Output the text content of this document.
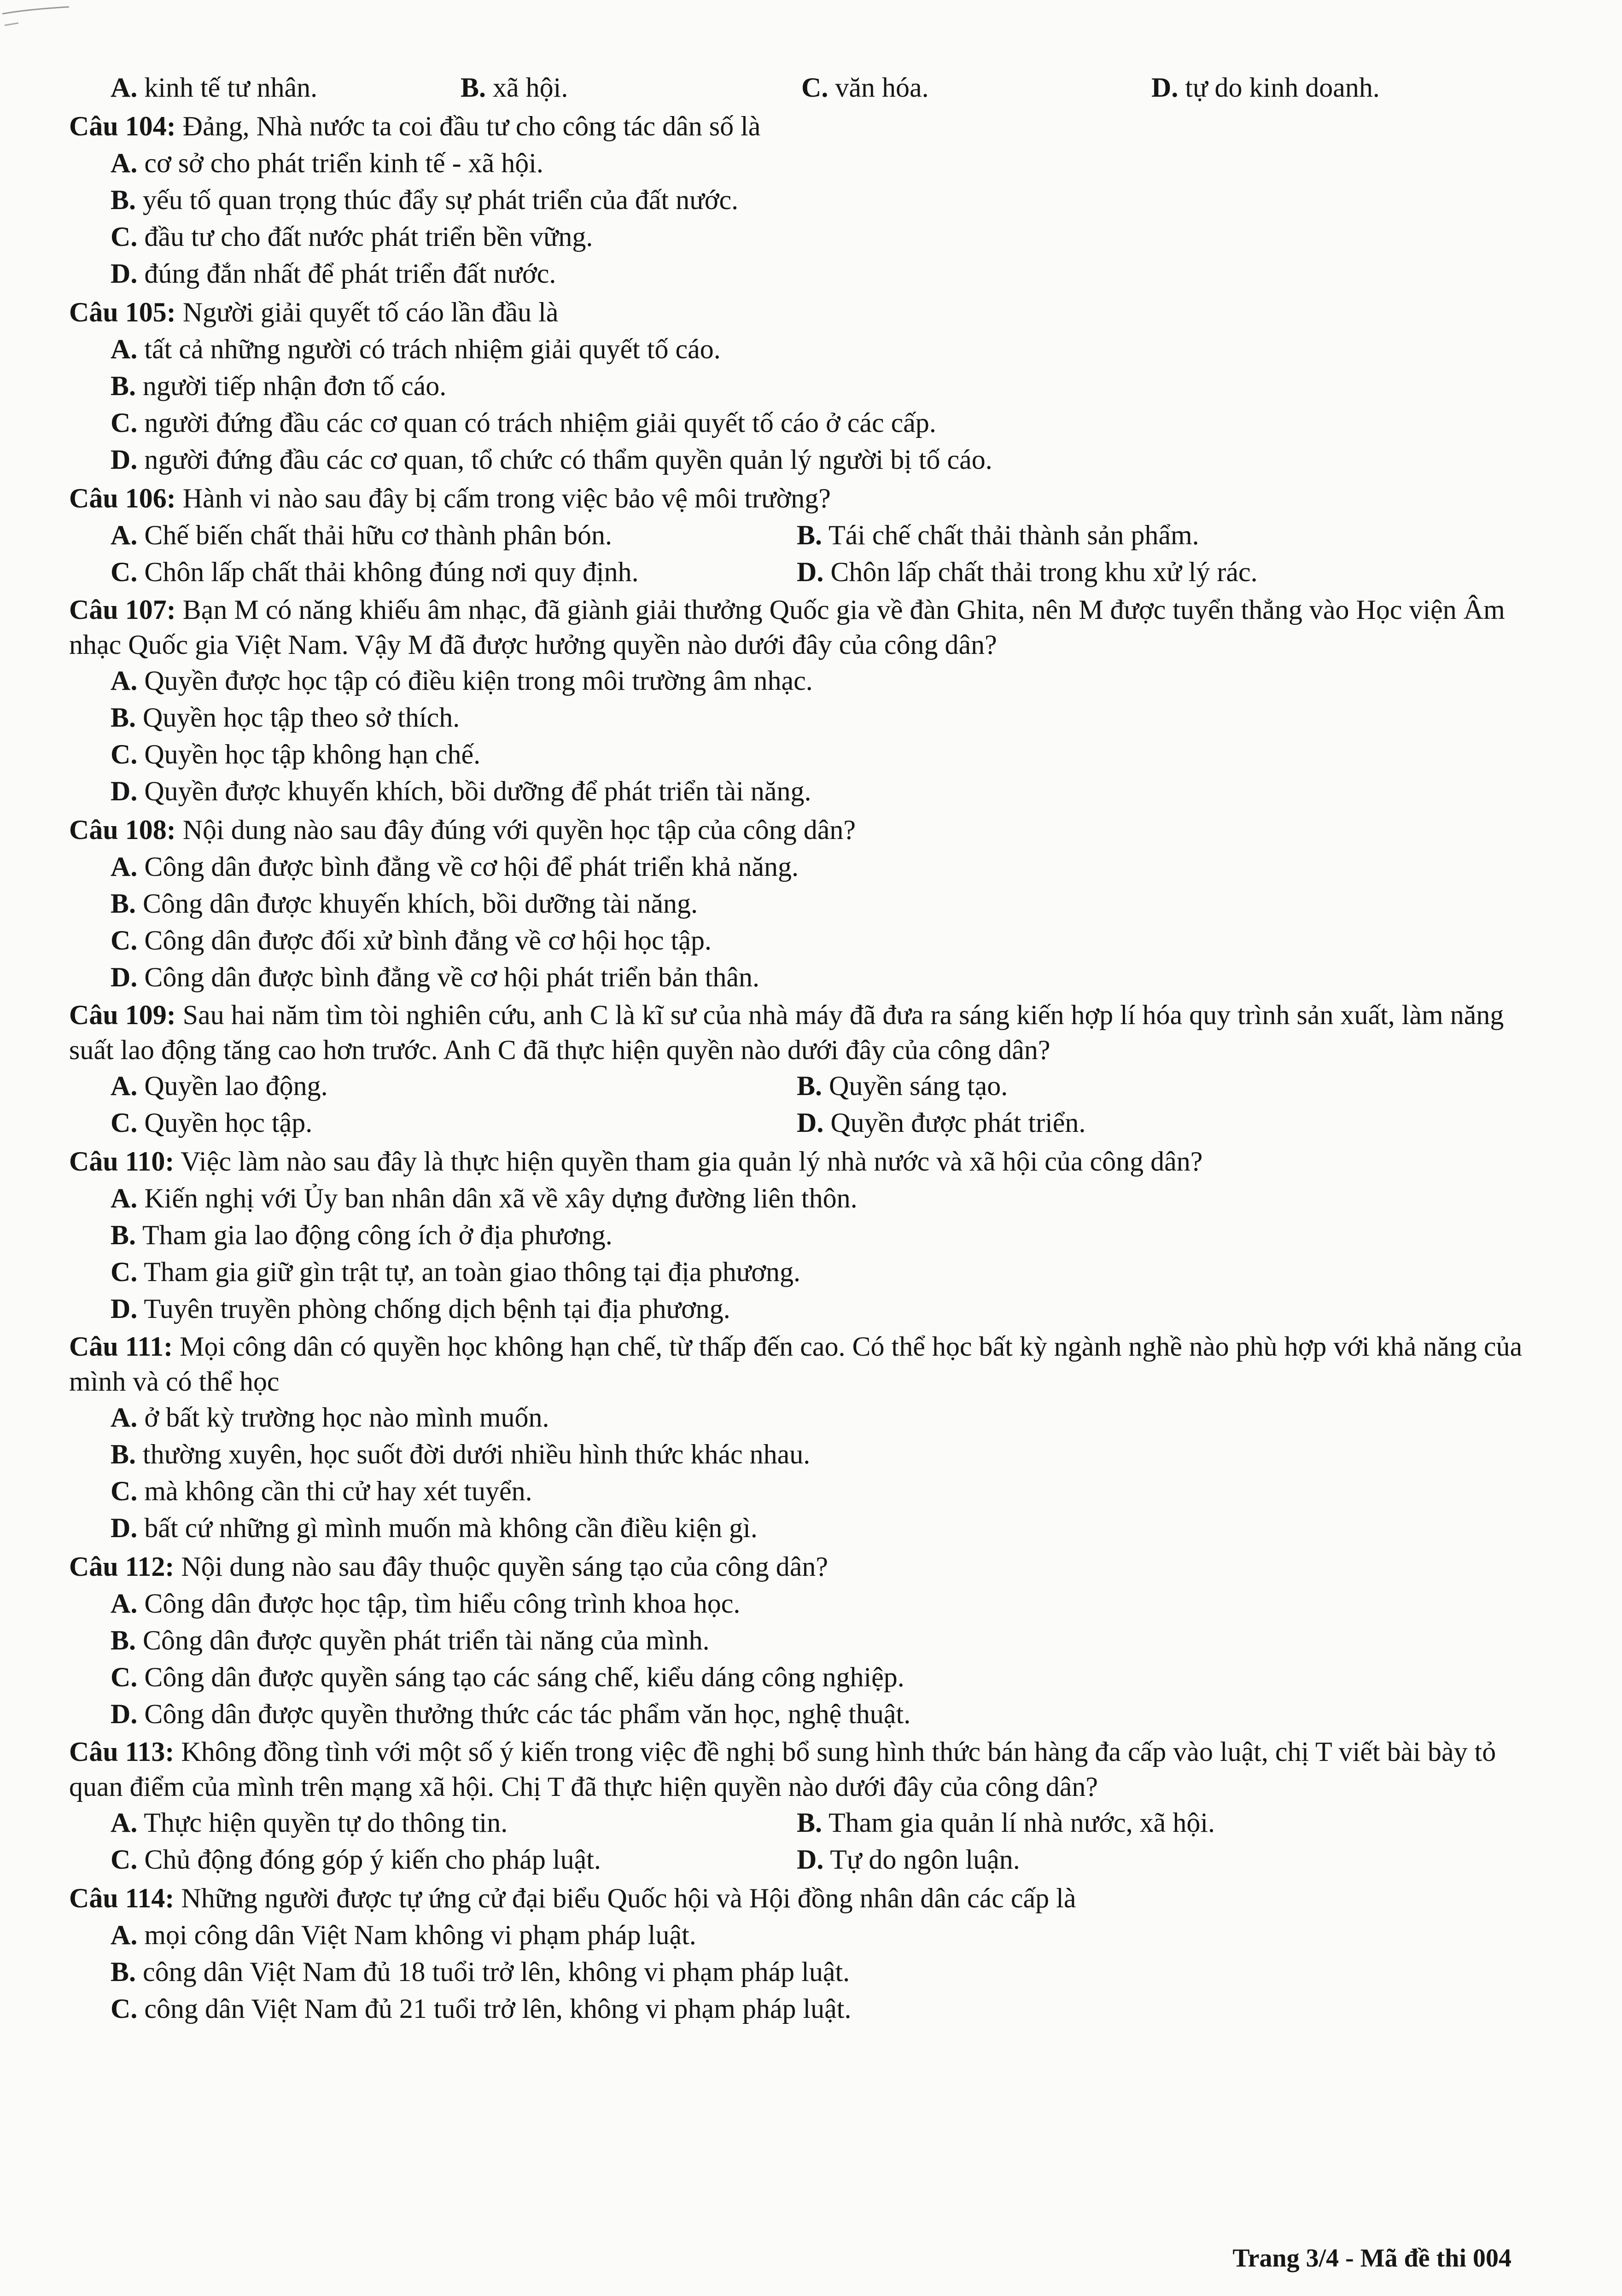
A. kinh tế tư nhân.	B. xã hội.	C. văn hóa.	D. tự do kinh doanh.
Câu 104: Đảng, Nhà nước ta coi đầu tư cho công tác dân số là
A. cơ sở cho phát triển kinh tế - xã hội.
B. yếu tố quan trọng thúc đẩy sự phát triển của đất nước.
C. đầu tư cho đất nước phát triển bền vững.
D. đúng đắn nhất để phát triển đất nước.
Câu 105: Người giải quyết tố cáo lần đầu là
A. tất cả những người có trách nhiệm giải quyết tố cáo.
B. người tiếp nhận đơn tố cáo.
C. người đứng đầu các cơ quan có trách nhiệm giải quyết tố cáo ở các cấp.
D. người đứng đầu các cơ quan, tổ chức có thẩm quyền quản lý người bị tố cáo.
Câu 106: Hành vi nào sau đây bị cấm trong việc bảo vệ môi trường?
A. Chế biến chất thải hữu cơ thành phân bón.	B. Tái chế chất thải thành sản phẩm.
C. Chôn lấp chất thải không đúng nơi quy định.	D. Chôn lấp chất thải trong khu xử lý rác.
Câu 107: Bạn M có năng khiếu âm nhạc, đã giành giải thưởng Quốc gia về đàn Ghita, nên M được tuyển thẳng vào Học viện Âm nhạc Quốc gia Việt Nam. Vậy M đã được hưởng quyền nào dưới đây của công dân?
A. Quyền được học tập có điều kiện trong môi trường âm nhạc.
B. Quyền học tập theo sở thích.
C. Quyền học tập không hạn chế.
D. Quyền được khuyến khích, bồi dưỡng để phát triển tài năng.
Câu 108: Nội dung nào sau đây đúng với quyền học tập của công dân?
A. Công dân được bình đẳng về cơ hội để phát triển khả năng.
B. Công dân được khuyến khích, bồi dưỡng tài năng.
C. Công dân được đối xử bình đẳng về cơ hội học tập.
D. Công dân được bình đẳng về cơ hội phát triển bản thân.
Câu 109: Sau hai năm tìm tòi nghiên cứu, anh C là kĩ sư của nhà máy đã đưa ra sáng kiến hợp lí hóa quy trình sản xuất, làm năng suất lao động tăng cao hơn trước. Anh C đã thực hiện quyền nào dưới đây của công dân?
A. Quyền lao động.	B. Quyền sáng tạo.
C. Quyền học tập.	D. Quyền được phát triển.
Câu 110: Việc làm nào sau đây là thực hiện quyền tham gia quản lý nhà nước và xã hội của công dân?
A. Kiến nghị với Ủy ban nhân dân xã về xây dựng đường liên thôn.
B. Tham gia lao động công ích ở địa phương.
C. Tham gia giữ gìn trật tự, an toàn giao thông tại địa phương.
D. Tuyên truyền phòng chống dịch bệnh tại địa phương.
Câu 111: Mọi công dân có quyền học không hạn chế, từ thấp đến cao. Có thể học bất kỳ ngành nghề nào phù hợp với khả năng của mình và có thể học
A. ở bất kỳ trường học nào mình muốn.
B. thường xuyên, học suốt đời dưới nhiều hình thức khác nhau.
C. mà không cần thi cử hay xét tuyển.
D. bất cứ những gì mình muốn mà không cần điều kiện gì.
Câu 112: Nội dung nào sau đây thuộc quyền sáng tạo của công dân?
A. Công dân được học tập, tìm hiểu công trình khoa học.
B. Công dân được quyền phát triển tài năng của mình.
C. Công dân được quyền sáng tạo các sáng chế, kiểu dáng công nghiệp.
D. Công dân được quyền thưởng thức các tác phẩm văn học, nghệ thuật.
Câu 113: Không đồng tình với một số ý kiến trong việc đề nghị bổ sung hình thức bán hàng đa cấp vào luật, chị T viết bài bày tỏ quan điểm của mình trên mạng xã hội. Chị T đã thực hiện quyền nào dưới đây của công dân?
A. Thực hiện quyền tự do thông tin.	B. Tham gia quản lí nhà nước, xã hội.
C. Chủ động đóng góp ý kiến cho pháp luật.	D. Tự do ngôn luận.
Câu 114: Những người được tự ứng cử đại biểu Quốc hội và Hội đồng nhân dân các cấp là
A. mọi công dân Việt Nam không vi phạm pháp luật.
B. công dân Việt Nam đủ 18 tuổi trở lên, không vi phạm pháp luật.
C. công dân Việt Nam đủ 21 tuổi trở lên, không vi phạm pháp luật.
Trang 3/4 - Mã đề thi 004
